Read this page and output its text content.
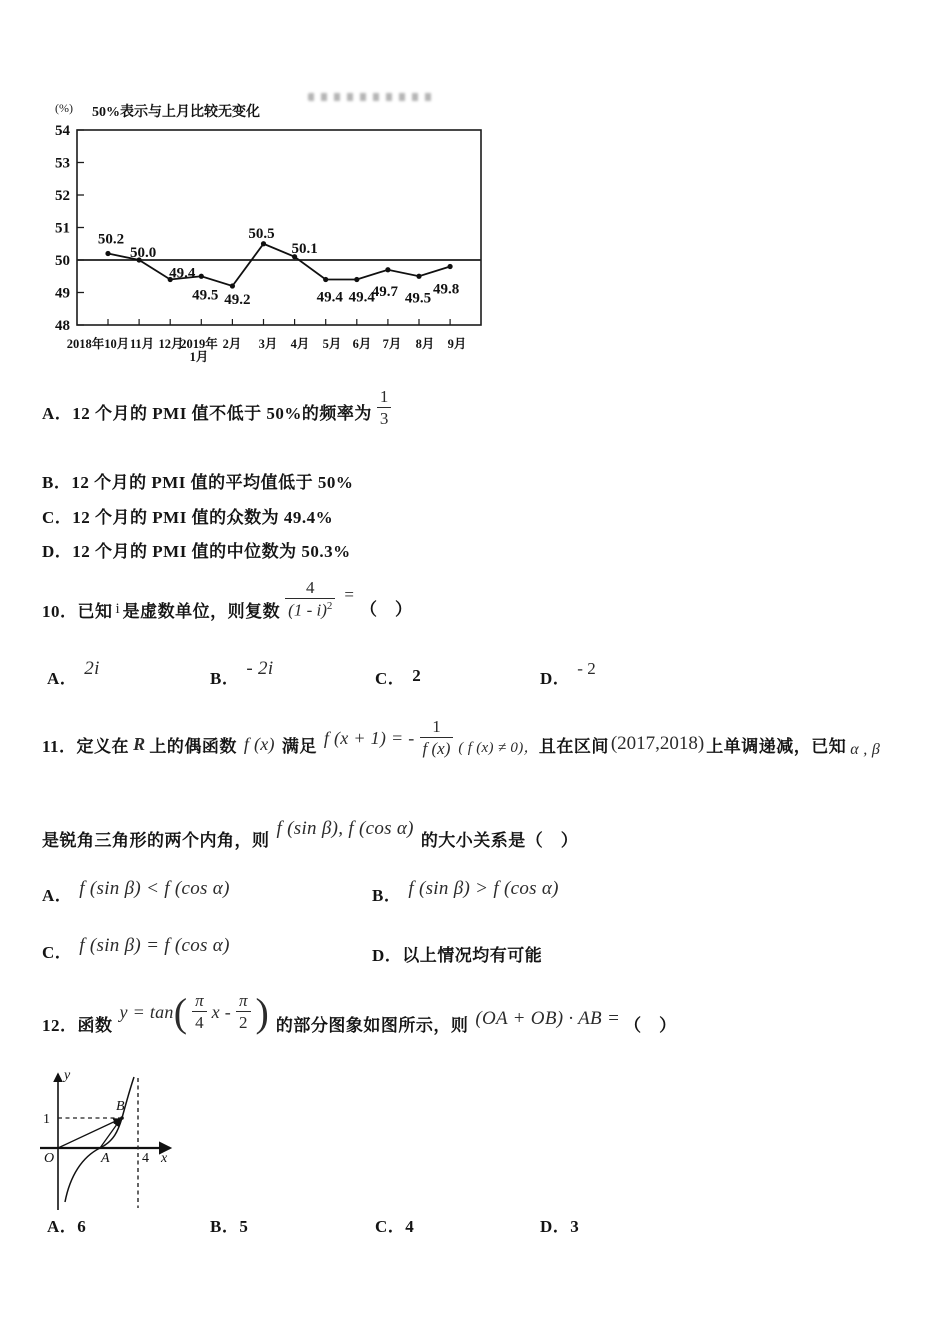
(%) 50%表示与上月比较无变化
54
53
52
51
50
49
48
50.2
50.0
49.4
49.5 49.2
50.5
50.1
49.4 49.4
49.7 49.5
49.8
2018年10月 11月 12月
2019年
1月
2月 3月 4月 5月 6月 7月 8月 9月
A． 12 个月的 PMI 值不低于 50%的频率为 $\frac{1}{3}$
B．12 个月的 PMI 值的平均值低于 50%
C．12 个月的 PMI 值的众数为 49.4%
D．12 个月的 PMI 值的中位数为 50.3%
10．已知 i 是虚数单位，则复数 $\frac{4}{(1 - i)^2}$ =
（　）
A． 2i	B． - 2i	C． 2	D． - 2
11．定义在 R 上的偶函数 f (x) 满足 f (x + 1) = - $\frac{1}{f (x)}$ ( f (x) ≠ 0)， 且在区间 (2017,2018) 上单调递减，已知 α , β
是锐角三角形的两个内角，则
f (sin β), f (cos α)
的大小关系是（　）
A． f (sin β) < f (cos α)	B． f (sin β) > f (cos α)
C． f (sin β) = f (cos α)	D．以上情况均有可能
12．函数
y = tan ( $\frac{\pi}{4}$ x - $\frac{\pi}{2}$ ) 的部分图象如图所示，则 (OA + OB) · AB = （　）
y
x
O
1
A
B
4
A．6	B．5	C．4	D．3
